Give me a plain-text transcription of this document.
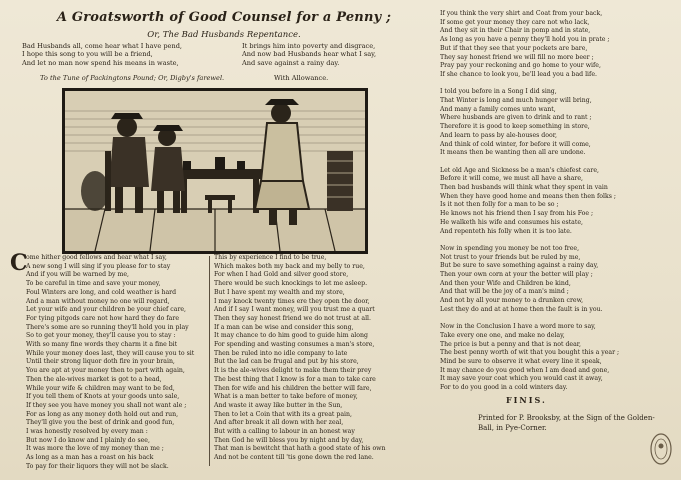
A Groatsworth of Good Counsel for a Penny ;
Or, The Bad Husbands Repentance.
Bad Husbands all, come hear what I have pend,
I hope this song to you will be a friend,
And let no man now spend his means in waste,
It brings him into poverty and disgrace,
And now bad Husbands hear what I say,
And save against a rainy day.
To the Tune of Packingtons Pound; Or, Digby's farewel.	With Allowance.
C
ome hither good fellows and hear what I say,
A new song I will sing if you please for to stay
And if you will be warned by me,
To be careful in time and save your money,
Foul Winters are long, and cold weather is hard
And a man without money no one will regard,
Let your wife and your children be your chief care,
For tying pitgods care not how hard they do fare
There's some are so running they'll hold you in play
So to get your money, they'll cause you to stay :
With so many fine words they charm it a fine bit
While your money does last, they will cause you to sit
Until their strong liquor doth fire in your brain,
You are apt at your money then to part with again,
Then the ale-wives market is got to a head,
While your wife & children may want to be fed,
If you tell them of Knots at your goods unto sale,
If they see you have money you shall not want ale ;
For as long as any money doth hold out and run,
They'll give you the best of drink and good fun,
I was honestly resolved by every man :
But now I do know and I plainly do see,
It was more the love of my money than me ;
As long as a man has a roast on his back
To pay for their liquors they will not be slack.
This by experience I find to be true,
Which makes both my back and my belly to rue,
For when I had Gold and silver good store,
There would be such knockings to let me asleep.
But I have spent my wealth and my store,
I may knock twenty times ere they open the door,
And if I say I want money, will you trust me a quart
Then they say honest friend we do not trust at all.
If a man can be wise and consider this song,
It may chance to do him good to guide him along
For spending and wasting consumes a man's store,
Then be ruled into no idle company to late
But the lad can be frugal and put by his store,
It is the ale-wives delight to make them their prey
The best thing that I know is for a man to take care
Then for wife and his children the better will fare,
What is a man better to take before of money,
And waste it away like butter in the Sun,
Then to let a Coin that with its a great pain,
And after break it all down with her zeal,
But with a calling to labour in an honest way
Then God he will bless you by night and by day,
That man is bewitcht that hath a good state of his own
And not be content till 'tis gone down the red lane.
If you think the very shirt and Coat from your back,
If some get your money they care not who lack,
And they sit in their Chair in pomp and in state,
As long as you have a penny they'll hold you in prate ;
But if that they see that your pockets are bare,
They say honest friend we will fill no more beer ;
Pray pay your reckoning and go home to your wife,
If she chance to look you, be'll lead you a bad life.
I told you before in a Song I did sing,
That Winter is long and much hunger will bring,
And many a family comes unto want,
Where husbands are given to drink and to rant ;
Therefore it is good to keep something in store,
And learn to pass by ale-houses door,
And think of cold winter, for before it will come,
It means then be wanting then all are undone.
Let old Age and Sickness be a man's chiefest care,
Before it will come, we must all have a share,
Then bad husbands will think what they spent in vain
When they have good home and means then then folks ;
Is it not then folly for a man to be so ;
He knows not his friend then I say from his Foe ;
He walketh his wife and consumes his estate,
And repenteth his folly when it is too late.
Now in spending you money be not too free,
Not trust to your friends but be ruled by me,
But be sure to save something against a rainy day,
Then your own corn at your the better will play ;
And then your Wife and Children be kind,
And that will be the joy of a man's mind ;
And not by all your money to a drunken crew,
Lest they do and at at home then the fault is in you.
Now in the Conclusion I have a word more to say,
Take every one one, and make no delay,
The price is but a penny and that is not dear,
The best penny worth of wit that you bought this a year ;
Mind be sure to observe it what every line it speak,
It may chance do you good when I am dead and gone,
It may save your coat which you would cast it away,
For to do you good in a cold winters day.
FINIS.
Printed for P. Brooksby, at the Sign of the Golden-
Ball, in Pye-Corner.
